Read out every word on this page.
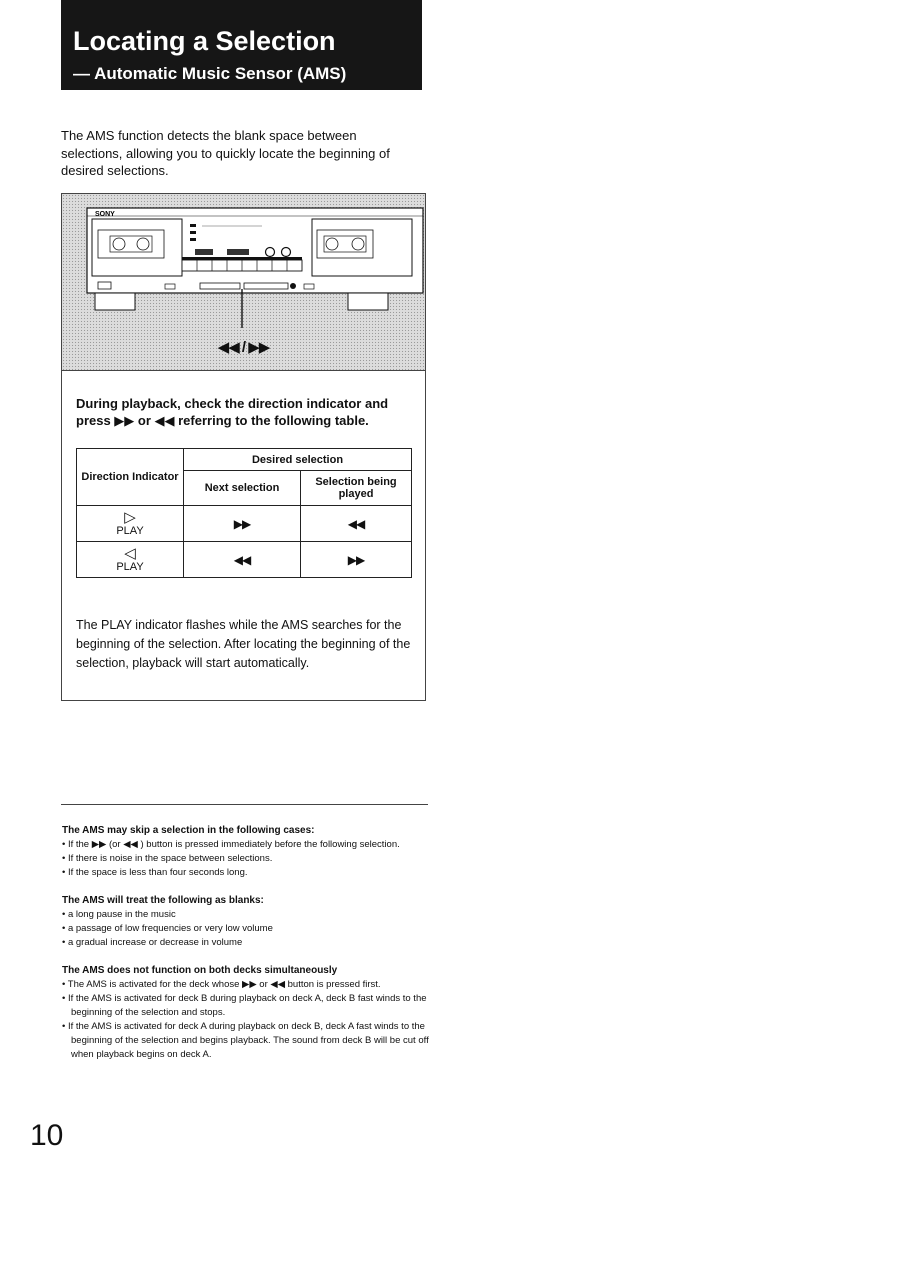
Locating a Selection
— Automatic Music Sensor (AMS)
The AMS function detects the blank space between selections, allowing you to quickly locate the beginning of desired selections.
SONY
◀◀ / ▶▶
During playback, check the direction indicator and press ▶▶ or ◀◀ referring to the following table.
Direction Indicator	Desired selection	
	Next selection	Selection being played

▷
PLAY	▶▶	◀◀

◁
PLAY	◀◀	▶▶
The PLAY indicator flashes while the AMS searches for the beginning of the selection. After locating the beginning of the selection, playback will start automatically.
The AMS may skip a selection in the following cases:
• If the ▶▶ (or ◀◀ ) button is pressed immediately before the following selection.
• If there is noise in the space between selections.
• If the space is less than four seconds long.
The AMS will treat the following as blanks:
• a long pause in the music
• a passage of low frequencies or very low volume
• a gradual increase or decrease in volume
The AMS does not function on both decks simultaneously
• The AMS is activated for the deck whose ▶▶ or ◀◀ button is pressed first.
• If the AMS is activated for deck B during playback on deck A, deck B fast winds to the beginning of the selection and stops.
• If the AMS is activated for deck A during playback on deck B, deck A fast winds to the beginning of the selection and begins playback. The sound from deck B will be cut off when playback begins on deck A.
10
